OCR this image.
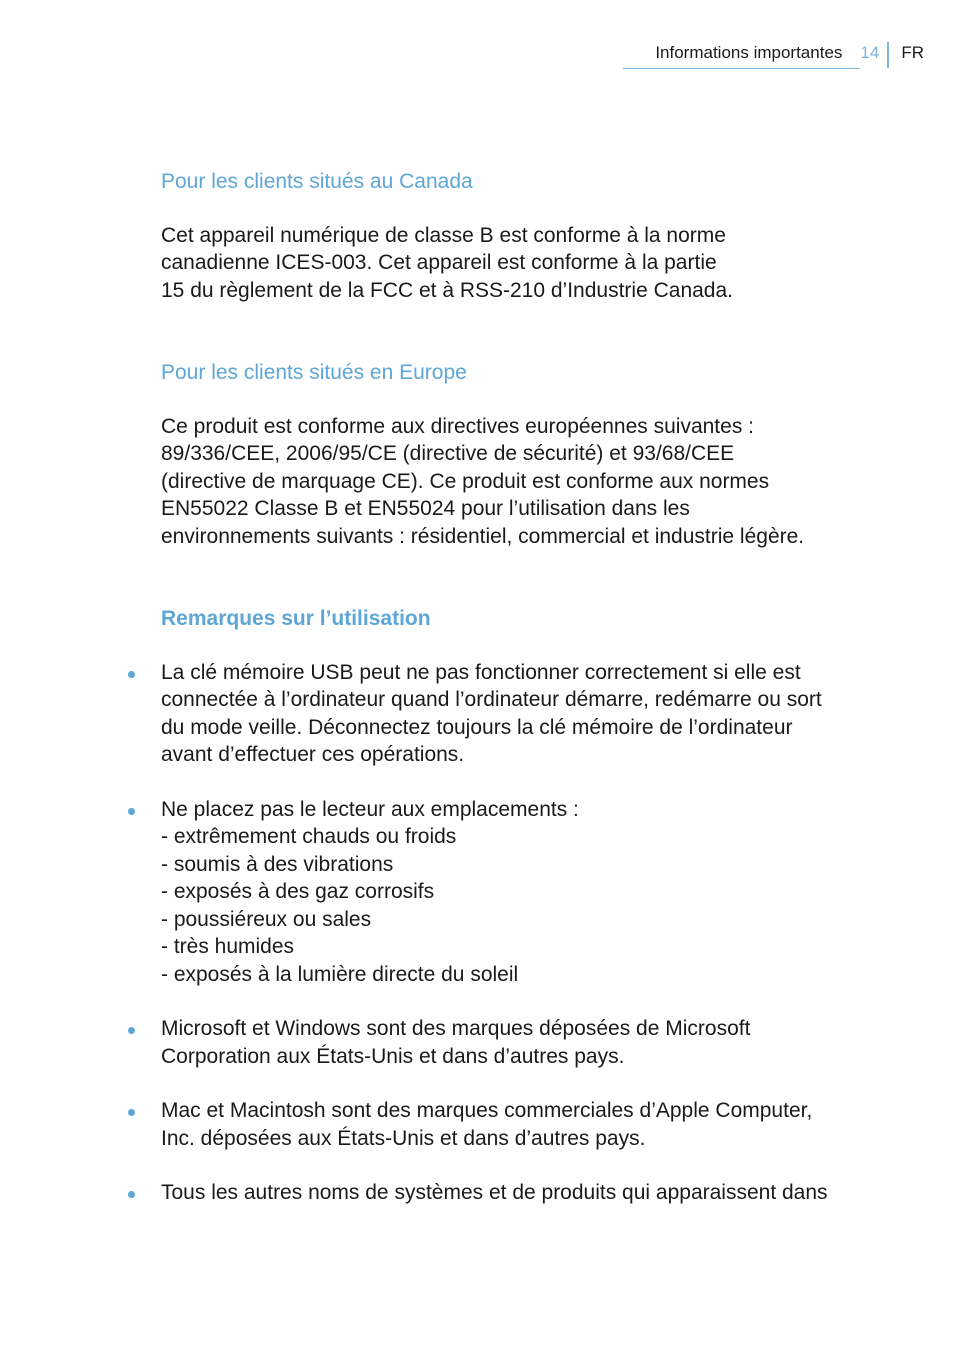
Informations importantes	14	FR
Pour les clients situés au Canada

Cet appareil numérique de classe B est conforme à la norme
canadienne ICES-003. Cet appareil est conforme à la partie
15 du règlement de la FCC et à RSS-210 d’Industrie Canada.

Pour les clients situés en Europe

Ce produit est conforme aux directives européennes suivantes :
89/336/CEE, 2006/95/CE (directive de sécurité) et 93/68/CEE
(directive de marquage CE). Ce produit est conforme aux normes
EN55022 Classe B et EN55024 pour l’utilisation dans les
environnements suivants : résidentiel, commercial et industrie légère.

Remarques sur l’utilisation
La clé mémoire USB peut ne pas fonctionner correctement si elle est
connectée à l’ordinateur quand l’ordinateur démarre, redémarre ou sort
du mode veille. Déconnectez toujours la clé mémoire de l’ordinateur
avant d’effectuer ces opérations.
Ne placez pas le lecteur aux emplacements :
- extrêmement chauds ou froids
- soumis à des vibrations
- exposés à des gaz corrosifs
- poussiéreux ou sales
- très humides
- exposés à la lumière directe du soleil
Microsoft et Windows sont des marques déposées de Microsoft
Corporation aux États-Unis et dans d’autres pays.
Mac et Macintosh sont des marques commerciales d’Apple Computer,
Inc. déposées aux États-Unis et dans d’autres pays.
Tous les autres noms de systèmes et de produits qui apparaissent dans
